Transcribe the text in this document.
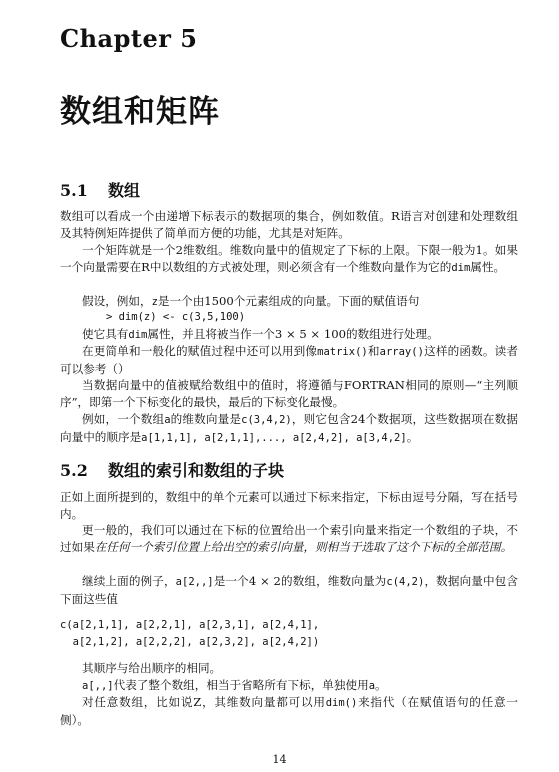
Chapter 5
数组和矩阵
5.1 数组
数组可以看成一个由递增下标表示的数据项的集合，例如数值。R语言对创建和处理数组及其特例矩阵提供了简单而方便的功能，尤其是对矩阵。
一个矩阵就是一个2维数组。维数向量中的值规定了下标的上限。下限一般为1。如果一个向量需要在R中以数组的方式被处理，则必须含有一个维数向量作为它的dim属性。
假设，例如，z是一个由1500个元素组成的向量。下面的赋值语句
> dim(z) <- c(3,5,100)
使它具有dim属性，并且将被当作一个3 × 5 × 100的数组进行处理。
在更简单和一般化的赋值过程中还可以用到像matrix()和array()这样的函数。读者可以参考（）
当数据向量中的值被赋给数组中的值时，将遵循与FORTRAN相同的原则—“主列顺序”，即第一个下标变化的最快，最后的下标变化最慢。
例如，一个数组a的维数向量是c(3,4,2)，则它包含24个数据项，这些数据项在数据向量中的顺序是a[1,1,1], a[2,1,1],..., a[2,4,2], a[3,4,2]。
5.2 数组的索引和数组的子块
正如上面所提到的，数组中的单个元素可以通过下标来指定，下标由逗号分隔，写在括号内。
更一般的，我们可以通过在下标的位置给出一个索引向量来指定一个数组的子块，不过如果在任何一个索引位置上给出空的索引向量，则相当于选取了这个下标的全部范围。
继续上面的例子，a[2,,]是一个4 × 2的数组，维数向量为c(4,2)，数据向量中包含下面这些值
c(a[2,1,1], a[2,2,1], a[2,3,1], a[2,4,1],
a[2,1,2], a[2,2,2], a[2,3,2], a[2,4,2])
其顺序与给出顺序的相同。
a[,,]代表了整个数组，相当于省略所有下标，单独使用a。
对任意数组，比如说Z，其维数向量都可以用dim()来指代（在赋值语句的任意一侧）。
14
